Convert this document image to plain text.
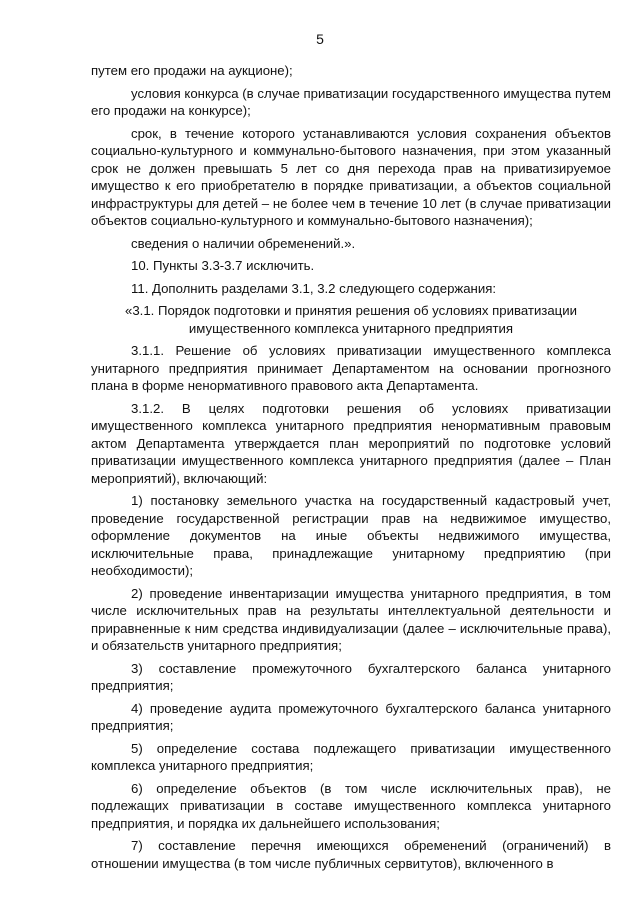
5

путем его продажи на аукционе);

условия конкурса (в случае приватизации государственного имущества путем его продажи на конкурсе);

срок, в течение которого устанавливаются условия сохранения объектов социально-культурного и коммунально-бытового назначения, при этом указанный срок не должен превышать 5 лет со дня перехода прав на приватизируемое имущество к его приобретателю в порядке приватизации, а объектов социальной инфраструктуры для детей – не более чем в течение 10 лет (в случае приватизации объектов социально-культурного и коммунально-бытового назначения);

сведения о наличии обременений.».

10. Пункты 3.3-3.7 исключить.

11. Дополнить разделами 3.1, 3.2 следующего содержания:

«3.1. Порядок подготовки и принятия решения об условиях приватизации имущественного комплекса унитарного предприятия

3.1.1. Решение об условиях приватизации имущественного комплекса унитарного предприятия принимает Департаментом на основании прогнозного плана в форме ненормативного правового акта Департамента.

3.1.2. В целях подготовки решения об условиях приватизации имущественного комплекса унитарного предприятия ненормативным правовым актом Департамента утверждается план мероприятий по подготовке условий приватизации имущественного комплекса унитарного предприятия (далее – План мероприятий), включающий:

1) постановку земельного участка на государственный кадастровый учет, проведение государственной регистрации прав на недвижимое имущество, оформление документов на иные объекты недвижимого имущества, исключительные права, принадлежащие унитарному предприятию (при необходимости);

2) проведение инвентаризации имущества унитарного предприятия, в том числе исключительных прав на результаты интеллектуальной деятельности и приравненные к ним средства индивидуализации (далее – исключительные права), и обязательств унитарного предприятия;

3) составление промежуточного бухгалтерского баланса унитарного предприятия;

4) проведение аудита промежуточного бухгалтерского баланса унитарного предприятия;

5) определение состава подлежащего приватизации имущественного комплекса унитарного предприятия;

6) определение объектов (в том числе исключительных прав), не подлежащих приватизации в составе имущественного комплекса унитарного предприятия, и порядка их дальнейшего использования;

7) составление перечня имеющихся обременений (ограничений) в отношении имущества (в том числе публичных сервитутов), включенного в
